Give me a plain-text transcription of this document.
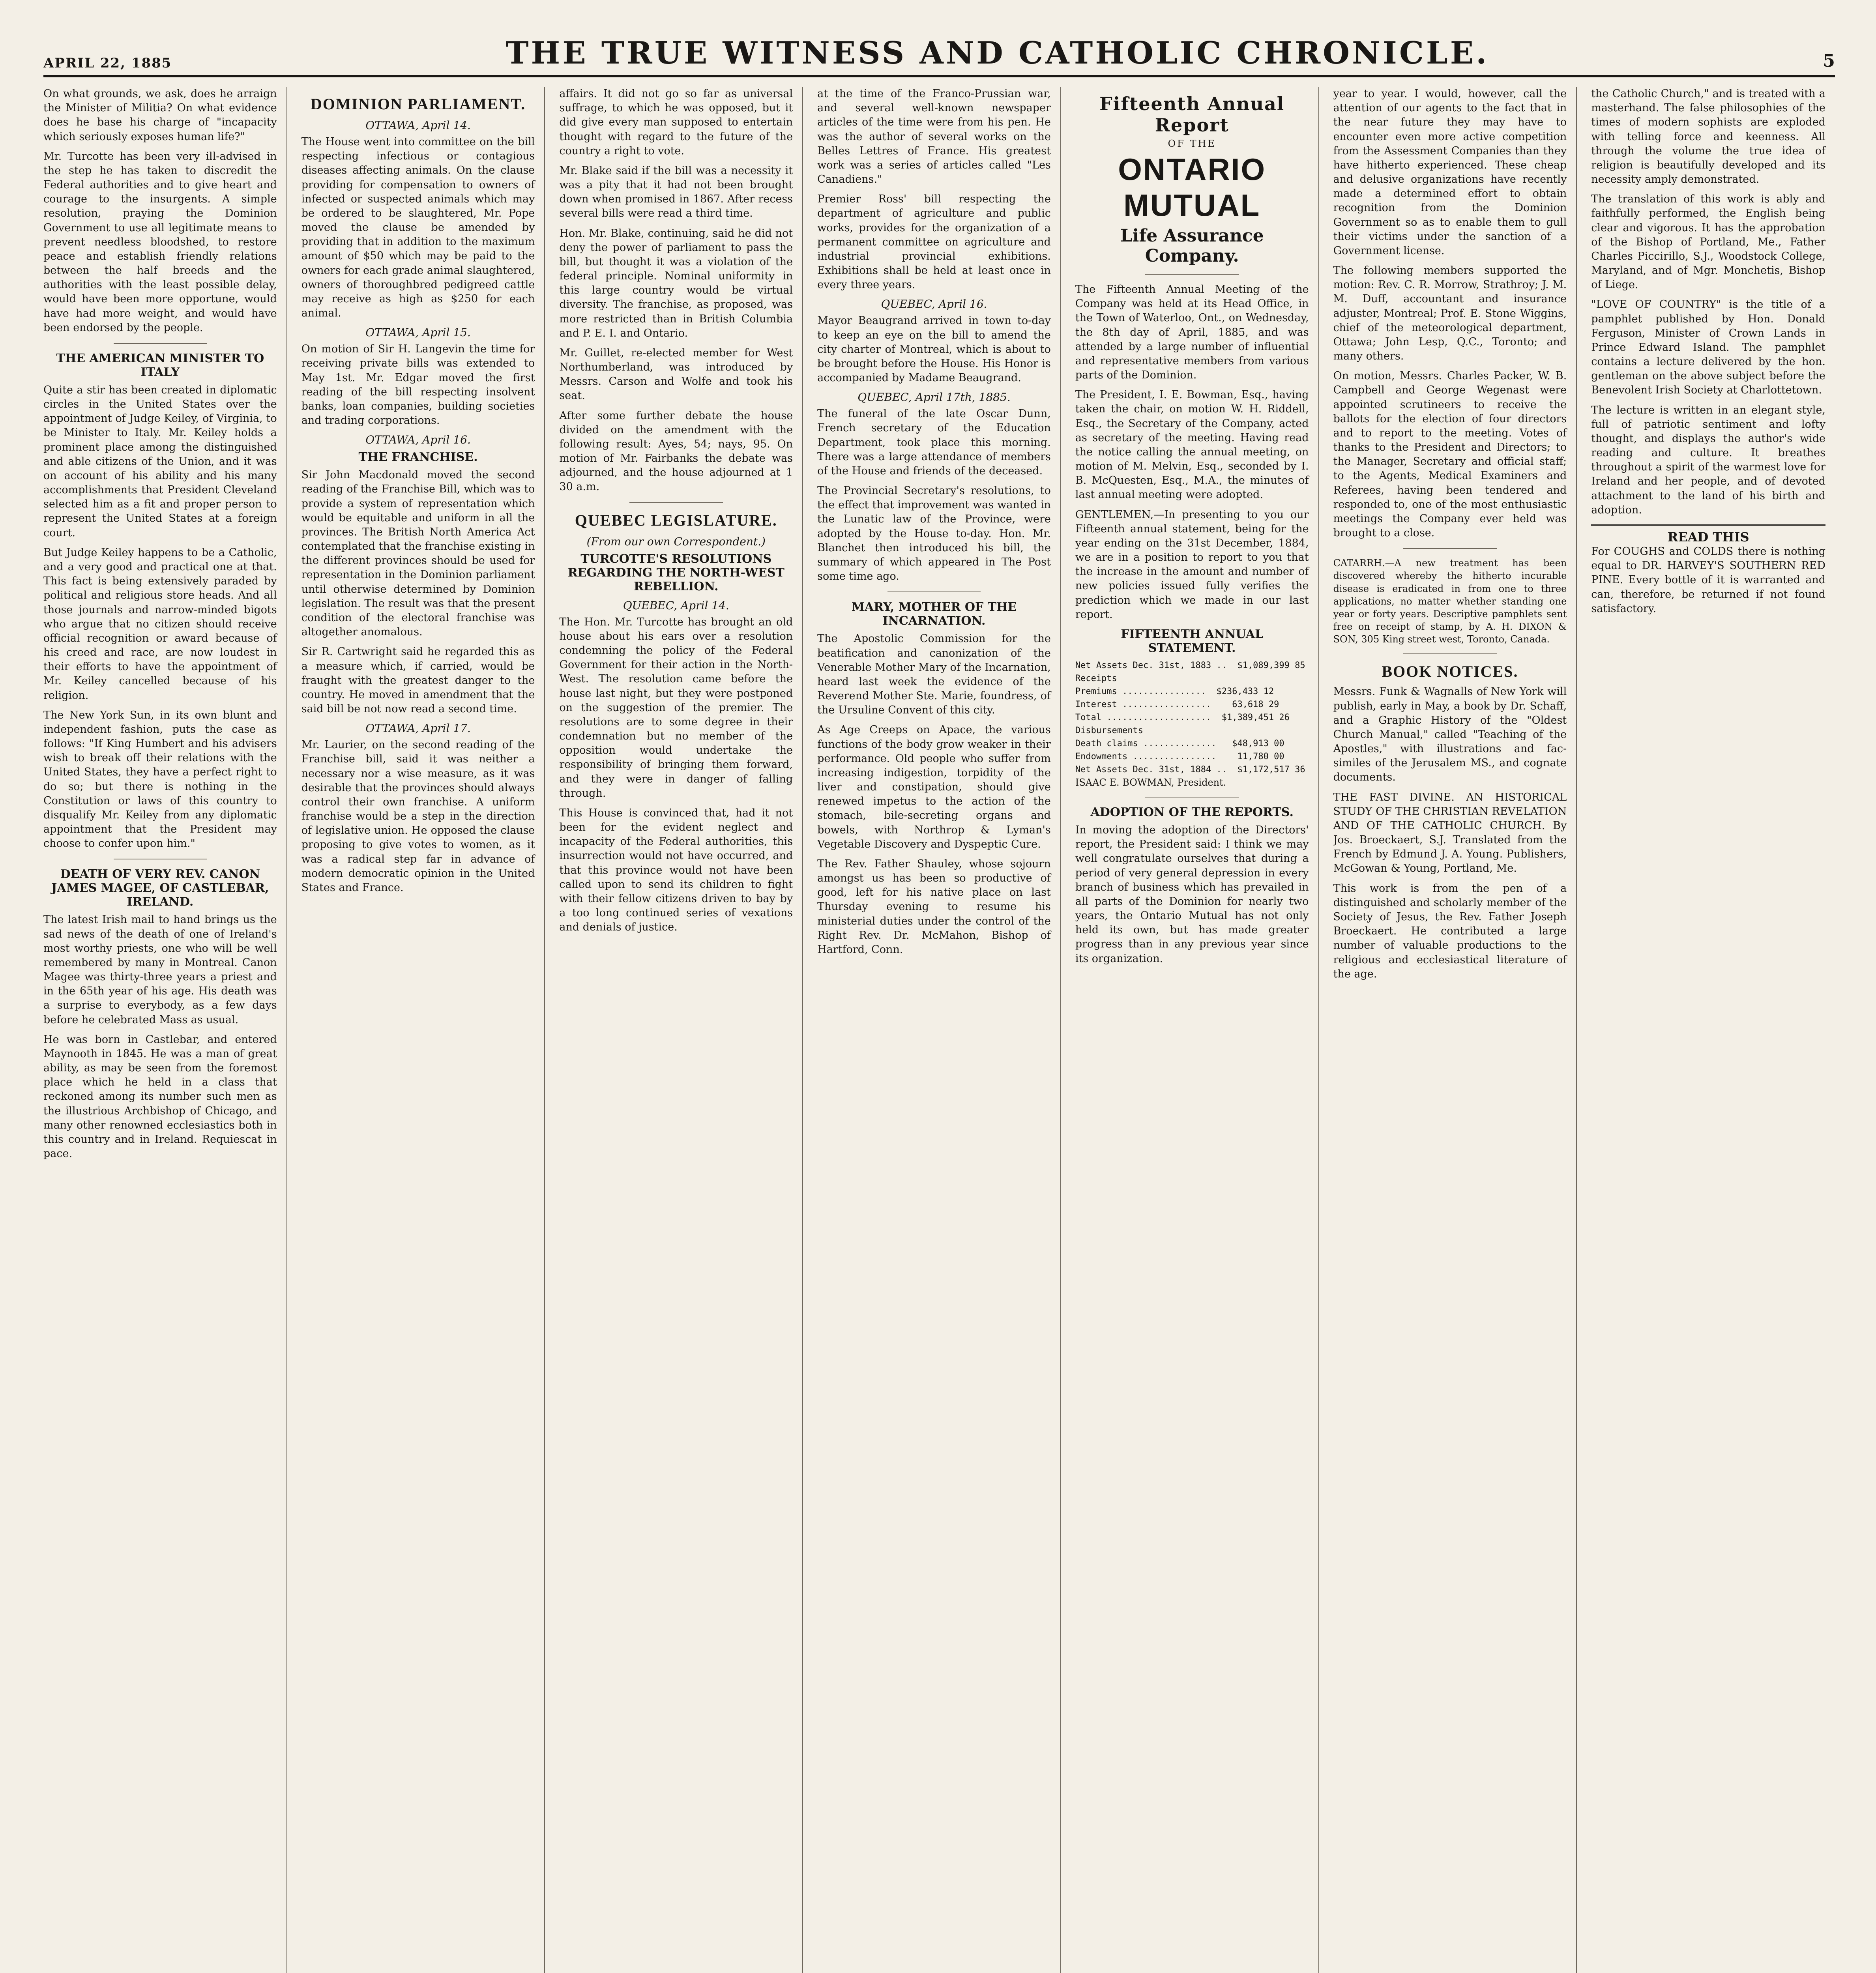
APRIL 22, 1885	THE TRUE WITNESS AND CATHOLIC CHRONICLE.	5

On what grounds, we ask, does he arraign the Minister of Militia? On what evidence does he base his charge of "incapacity which seriously exposes human life?"

Mr. Turcotte has been very ill-advised in the step he has taken to discredit the Federal authorities and to give heart and courage to the insurgents. A simple resolution, praying the Dominion Government to use all legitimate means to prevent needless bloodshed, to restore peace and establish friendly relations between the half breeds and the authorities with the least possible delay, would have been more opportune, would have had more weight, and would have been endorsed by the people.

THE AMERICAN MINISTER TO ITALY

Quite a stir has been created in diplomatic circles in the United States over the appointment of Judge Keiley, of Virginia, to be Minister to Italy. Mr. Keiley holds a prominent place among the distinguished and able citizens of the Union, and it was on account of his ability and his many accomplishments that President Cleveland selected him as a fit and proper person to represent the United States at a foreign court.

But Judge Keiley happens to be a Catholic, and a very good and practical one at that. This fact is being extensively paraded by political and religious store heads. And all those journals and narrow-minded bigots who argue that no citizen should receive official recognition or award because of his creed and race, are now loudest in their efforts to have the appointment of Mr. Keiley cancelled because of his religion.

The New York Sun, in its own blunt and independent fashion, puts the case as follows: "If King Humbert and his advisers wish to break off their relations with the United States, they have a perfect right to do so; but there is nothing in the Constitution or laws of this country to disqualify Mr. Keiley from any diplomatic appointment that the President may choose to confer upon him."

DEATH OF VERY REV. CANON JAMES MAGEE, OF CASTLEBAR, IRELAND.

The latest Irish mail to hand brings us the sad news of the death of one of Ireland's most worthy priests, one who will be well remembered by many in Montreal. Canon Magee was thirty-three years a priest and in the 65th year of his age. His death was a surprise to everybody, as a few days before he celebrated Mass as usual.

He was born in Castlebar, and entered Maynooth in 1845. He was a man of great ability, as may be seen from the foremost place which he held in a class that reckoned among its number such men as the illustrious Archbishop of Chicago, and many other renowned ecclesiastics both in this country and in Ireland. Requiescat in pace.

DOMINION PARLIAMENT.
OTTAWA, April 14.

The House went into committee on the bill respecting infectious or contagious diseases affecting animals. On the clause providing for compensation to owners of infected or suspected animals which may be ordered to be slaughtered, Mr. Pope moved the clause be amended by providing that in addition to the maximum amount of $50 which may be paid to the owners for each grade animal slaughtered, owners of thoroughbred pedigreed cattle may receive as high as $250 for each animal.

OTTAWA, April 15.

On motion of Sir H. Langevin the time for receiving private bills was extended to May 1st. Mr. Edgar moved the first reading of the bill respecting insolvent banks, loan companies, building societies and trading corporations.

OTTAWA, April 16.
THE FRANCHISE.

Sir John Macdonald moved the second reading of the Franchise Bill, which was to provide a system of representation which would be equitable and uniform in all the provinces. The British North America Act contemplated that the franchise existing in the different provinces should be used for representation in the Dominion parliament until otherwise determined by Dominion legislation. The result was that the present condition of the electoral franchise was altogether anomalous.

Sir R. Cartwright said he regarded this as a measure which, if carried, would be fraught with the greatest danger to the country. He moved in amendment that the said bill be not now read a second time.

OTTAWA, April 17.

Mr. Laurier, on the second reading of the Franchise bill, said it was neither a necessary nor a wise measure, as it was desirable that the provinces should always control their own franchise. A uniform franchise would be a step in the direction of legislative union. He opposed the clause proposing to give votes to women, as it was a radical step far in advance of modern democratic opinion in the United States and France.

affairs. It did not go so far as universal suffrage, to which he was opposed, but it did give every man supposed to entertain thought with regard to the future of the country a right to vote.

Mr. Blake said if the bill was a necessity it was a pity that it had not been brought down when promised in 1867. After recess several bills were read a third time.

Hon. Mr. Blake, continuing, said he did not deny the power of parliament to pass the bill, but thought it was a violation of the federal principle. Nominal uniformity in this large country would be virtual diversity. The franchise, as proposed, was more restricted than in British Columbia and P. E. I. and Ontario.

Mr. Guillet, re-elected member for West Northumberland, was introduced by Messrs. Carson and Wolfe and took his seat.

After some further debate the house divided on the amendment with the following result: Ayes, 54; nays, 95. On motion of Mr. Fairbanks the debate was adjourned, and the house adjourned at 1 30 a.m.

QUEBEC LEGISLATURE.
(From our own Correspondent.)
TURCOTTE'S RESOLUTIONS REGARDING THE NORTH-WEST REBELLION.
QUEBEC, April 14.

The Hon. Mr. Turcotte has brought an old house about his ears over a resolution condemning the policy of the Federal Government for their action in the North-West. The resolution came before the house last night, but they were postponed on the suggestion of the premier. The resolutions are to some degree in their condemnation but no member of the opposition would undertake the responsibility of bringing them forward, and they were in danger of falling through.

This House is convinced that, had it not been for the evident neglect and incapacity of the Federal authorities, this insurrection would not have occurred, and that this province would not have been called upon to send its children to fight with their fellow citizens driven to bay by a too long continued series of vexations and denials of justice.

at the time of the Franco-Prussian war, and several well-known newspaper articles of the time were from his pen. He was the author of several works on the Belles Lettres of France. His greatest work was a series of articles called "Les Canadiens."

Premier Ross' bill respecting the department of agriculture and public works, provides for the organization of a permanent committee on agriculture and industrial provincial exhibitions. Exhibitions shall be held at least once in every three years.

QUEBEC, April 16.

Mayor Beaugrand arrived in town to-day to keep an eye on the bill to amend the city charter of Montreal, which is about to be brought before the House. His Honor is accompanied by Madame Beaugrand.

QUEBEC, April 17th, 1885.

The funeral of the late Oscar Dunn, French secretary of the Education Department, took place this morning. There was a large attendance of members of the House and friends of the deceased.

The Provincial Secretary's resolutions, to the effect that improvement was wanted in the Lunatic law of the Province, were adopted by the House to-day. Hon. Mr. Blanchet then introduced his bill, the summary of which appeared in The Post some time ago.

MARY, MOTHER OF THE INCARNATION.

The Apostolic Commission for the beatification and canonization of the Venerable Mother Mary of the Incarnation, heard last week the evidence of the Reverend Mother Ste. Marie, foundress, of the Ursuline Convent of this city.

As Age Creeps on Apace, the various functions of the body grow weaker in their performance. Old people who suffer from increasing indigestion, torpidity of the liver and constipation, should give renewed impetus to the action of the stomach, bile-secreting organs and bowels, with Northrop & Lyman's Vegetable Discovery and Dyspeptic Cure.

The Rev. Father Shauley, whose sojourn amongst us has been so productive of good, left for his native place on last Thursday evening to resume his ministerial duties under the control of the Right Rev. Dr. McMahon, Bishop of Hartford, Conn.

Fifteenth Annual Report
OF THE
ONTARIO MUTUAL
Life Assurance Company.

The Fifteenth Annual Meeting of the Company was held at its Head Office, in the Town of Waterloo, Ont., on Wednesday, the 8th day of April, 1885, and was attended by a large number of influential and representative members from various parts of the Dominion.

The President, I. E. Bowman, Esq., having taken the chair, on motion W. H. Riddell, Esq., the Secretary of the Company, acted as secretary of the meeting. Having read the notice calling the annual meeting, on motion of M. Melvin, Esq., seconded by I. B. McQuesten, Esq., M.A., the minutes of last annual meeting were adopted.

GENTLEMEN,—In presenting to you our Fifteenth annual statement, being for the year ending on the 31st December, 1884, we are in a position to report to you that the increase in the amount and number of new policies issued fully verifies the prediction which we made in our last report.

FIFTEENTH ANNUAL STATEMENT.
Net Assets Dec. 31st, 1883 ..  $1,089,399 85
Receipts
Premiums ................  $236,433 12
Interest .................    63,618 29
Total ....................  $1,389,451 26
Disbursements
Death claims ..............   $48,913 00
Endowments ................    11,780 00
Net Assets Dec. 31st, 1884 ..  $1,172,517 36

ISAAC E. BOWMAN, President.

ADOPTION OF THE REPORTS.

In moving the adoption of the Directors' report, the President said: I think we may well congratulate ourselves that during a period of very general depression in every branch of business which has prevailed in all parts of the Dominion for nearly two years, the Ontario Mutual has not only held its own, but has made greater progress than in any previous year since its organization.

year to year. I would, however, call the attention of our agents to the fact that in the near future they may have to encounter even more active competition from the Assessment Companies than they have hitherto experienced. These cheap and delusive organizations have recently made a determined effort to obtain recognition from the Dominion Government so as to enable them to gull their victims under the sanction of a Government license.

The following members supported the motion: Rev. C. R. Morrow, Strathroy; J. M. M. Duff, accountant and insurance adjuster, Montreal; Prof. E. Stone Wiggins, chief of the meteorological department, Ottawa; John Lesp, Q.C., Toronto; and many others.

On motion, Messrs. Charles Packer, W. B. Campbell and George Wegenast were appointed scrutineers to receive the ballots for the election of four directors and to report to the meeting. Votes of thanks to the President and Directors; to the Manager, Secretary and official staff; to the Agents, Medical Examiners and Referees, having been tendered and responded to, one of the most enthusiastic meetings the Company ever held was brought to a close.

CATARRH.—A new treatment has been discovered whereby the hitherto incurable disease is eradicated in from one to three applications, no matter whether standing one year or forty years. Descriptive pamphlets sent free on receipt of stamp, by A. H. DIXON & SON, 305 King street west, Toronto, Canada.

BOOK NOTICES.

Messrs. Funk & Wagnalls of New York will publish, early in May, a book by Dr. Schaff, and a Graphic History of the "Oldest Church Manual," called "Teaching of the Apostles," with illustrations and fac-similes of the Jerusalem MS., and cognate documents.

THE FAST DIVINE. AN HISTORICAL STUDY OF THE CHRISTIAN REVELATION AND OF THE CATHOLIC CHURCH. By Jos. Broeckaert, S.J. Translated from the French by Edmund J. A. Young. Publishers, McGowan & Young, Portland, Me.

This work is from the pen of a distinguished and scholarly member of the Society of Jesus, the Rev. Father Joseph Broeckaert. He contributed a large number of valuable productions to the religious and ecclesiastical literature of the age.

the Catholic Church," and is treated with a masterhand. The false philosophies of the times of modern sophists are exploded with telling force and keenness. All through the volume the true idea of religion is beautifully developed and its necessity amply demonstrated.

The translation of this work is ably and faithfully performed, the English being clear and vigorous. It has the approbation of the Bishop of Portland, Me., Father Charles Piccirillo, S.J., Woodstock College, Maryland, and of Mgr. Monchetis, Bishop of Liege.

"LOVE OF COUNTRY" is the title of a pamphlet published by Hon. Donald Ferguson, Minister of Crown Lands in Prince Edward Island. The pamphlet contains a lecture delivered by the hon. gentleman on the above subject before the Benevolent Irish Society at Charlottetown.

The lecture is written in an elegant style, full of patriotic sentiment and lofty thought, and displays the author's wide reading and culture. It breathes throughout a spirit of the warmest love for Ireland and her people, and of devoted attachment to the land of his birth and adoption.

READ THIS

For COUGHS and COLDS there is nothing equal to DR. HARVEY'S SOUTHERN RED PINE. Every bottle of it is warranted and can, therefore, be returned if not found satisfactory.
